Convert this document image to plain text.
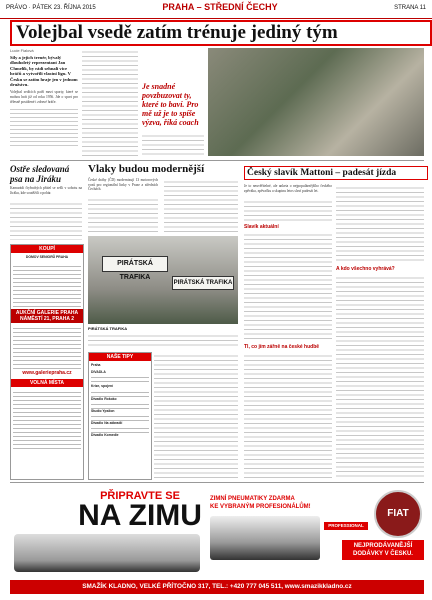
PRÁVO · PÁTEK 23. ŘÍJNA 2015	PRAHA – STŘEDNÍ ČECHY	STRANA 11
Volejbal vsedě zatím trénuje jediný tým
Lucie Fialová
Síly a jejich trenér, bývalý dlouholetý reprezentant Jan Chmelík, by rádi sehnali více hráčů a vytvořili vlastní ligu. V Česku se zatím hraje jen v jednom družstvu.

Volejbal sedících patří mezi sporty, které se mohou hrát již od roku 1956. Jde o sport pro tělesně postižené i zdravé hráče.

Je snadné povzbuzovat ty, které to baví. Pro mě už je to spíše výzva, říká coach
Ostře sledovaná psa na Jiráku
Kamarádi čtyřnohých přátel se sešli v sobotu na Jiráku, kde soutěžili o pohár.
KOUPÍ
DOMOV SENIORŮ PRAHA
AUKČNÍ GALERIE PRAHA NÁMĚSTÍ 21, PRAHA 2
www.galeriepraha.cz
VOLNÁ MÍSTA
Vlaky budou modernější
České dráhy (ČD) modernizují 13 motorových vozů pro regionální linky v Praze a středních Čechách.
PIRÁTSKÁ TRAFIKA
PIRÁTSKÁ TRAFIKA
PIRÁTSKÁ TRAFIKA
NAŠE TIPY
Praha
DIVADLA
Krize, spojení
Divadlo Rokoko
Studio Ypsilon
Divadlo Na zábradlí
Divadlo Komedie
Český slavík Mattoni – padesát jízda
Je to neuvěřitelné, ale anketa o nejpopulárnějšího českého zpěváka, zpěvačku a skupinu letos slaví padesát let.
Slavík aktuální
Tl, co jím zářně na české hudbě
A kdo všechno vyhrává?
PŘIPRAVTE SE
NA ZIMU	ZIMNÍ PNEUMATIKY ZDARMA
KE VYBRANÝM PROFESIONÁLŮM!
PROFESSIONAL
FIAT
NEJPRODÁVANĚJŠÍ DODÁVKY V ČESKU.
SMAŽÍK KLADNO, VELKÉ PŘÍTOČNO 317, TEL.: +420 777 045 511, www.smazikkladno.cz
